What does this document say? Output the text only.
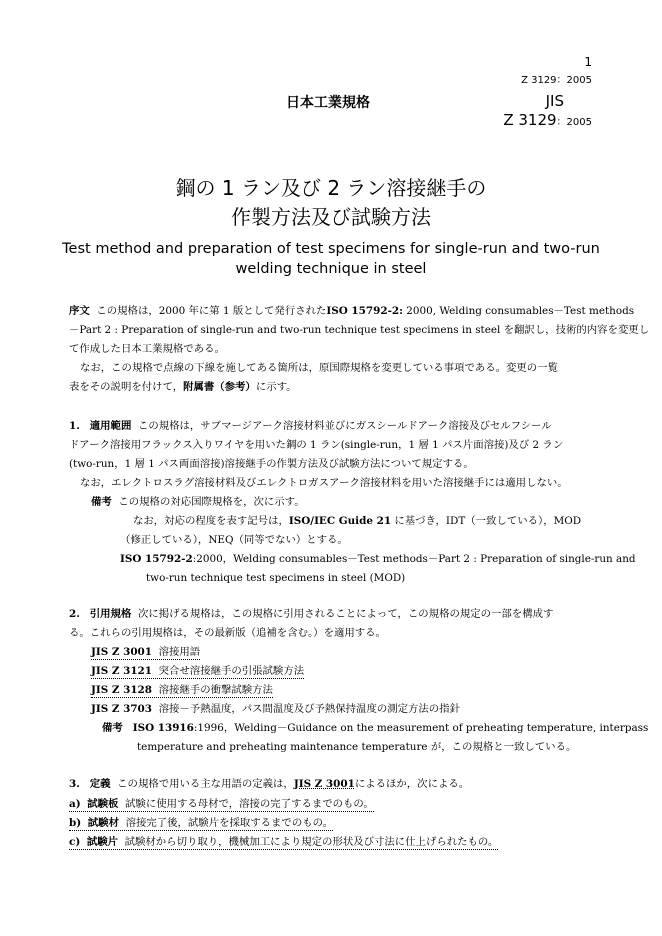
1
Z 3129：2005
日本工業規格	JIS
Z 3129：2005
鋼の 1 ラン及び 2 ラン溶接継手の
作製方法及び試験方法
Test method and preparation of test specimens for single-run and two-run
welding technique in steel
序文 この規格は，2000 年に第 1 版として発行されたISO 15792-2: 2000, Welding consumables－Test methods
－Part 2 : Preparation of single-run and two-run technique test specimens in steel を翻訳し，技術的内容を変更し
て作成した日本工業規格である。
なお，この規格で点線の下線を施してある箇所は，原国際規格を変更している事項である。変更の一覧
表をその説明を付けて，附属書（参考）に示す。
1. 適用範囲 この規格は，サブマージアーク溶接材料並びにガスシールドアーク溶接及びセルフシール
ドアーク溶接用フラックス入りワイヤを用いた鋼の 1 ラン(single-run，1 層 1 パス片面溶接)及び 2 ラン
(two-run，1 層 1 パス両面溶接)溶接継手の作製方法及び試験方法について規定する。
なお，エレクトロスラグ溶接材料及びエレクトロガスアーク溶接材料を用いた溶接継手には適用しない。
備考 この規格の対応国際規格を，次に示す。
なお，対応の程度を表す記号は，ISO/IEC Guide 21 に基づき，IDT（一致している），MOD
（修正している），NEQ（同等でない）とする。
ISO 15792-2:2000，Welding consumables－Test methods－Part 2 : Preparation of single-run and
two-run technique test specimens in steel (MOD)
2. 引用規格 次に掲げる規格は，この規格に引用されることによって，この規格の規定の一部を構成す
る。これらの引用規格は，その最新版（追補を含む。）を適用する。
JIS Z 3001 溶接用語
JIS Z 3121 突合せ溶接継手の引張試験方法
JIS Z 3128 溶接継手の衝撃試験方法
JIS Z 3703 溶接－予熱温度，パス間温度及び予熱保持温度の測定方法の指針
備考 ISO 13916:1996，Welding－Guidance on the measurement of preheating temperature, interpass
temperature and preheating maintenance temperature が，この規格と一致している。
3. 定義 この規格で用いる主な用語の定義は，JIS Z 3001によるほか，次による。
a) 試験板 試験に使用する母材で，溶接の完了するまでのもの。
b) 試験材 溶接完了後，試験片を採取するまでのもの。
c) 試験片 試験材から切り取り，機械加工により規定の形状及び寸法に仕上げられたもの。
